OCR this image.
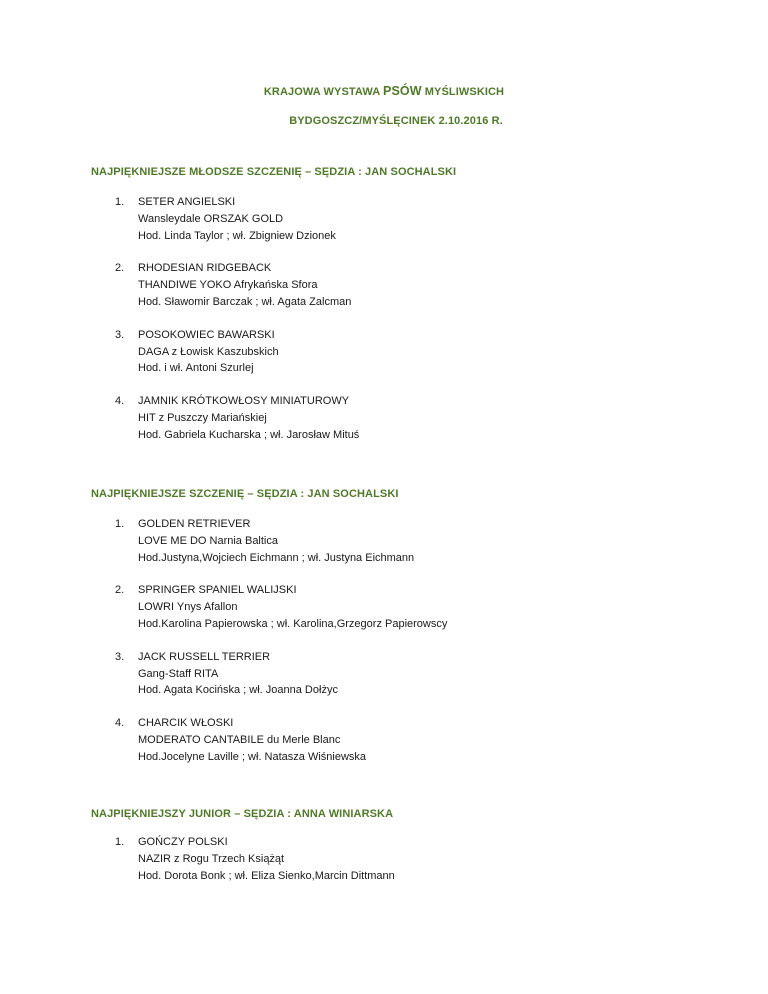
KRAJOWA WYSTAWA PSÓW MYŚLIWSKICH
BYDGOSZCZ/MYŚLĘCINEK 2.10.2016 R.
NAJPIĘKNIEJSZE MŁODSZE SZCZENIĘ – SĘDZIA : JAN SOCHALSKI
1. SETER ANGIELSKI
Wansleydale ORSZAK GOLD
Hod. Linda Taylor ; wł. Zbigniew Dzionek
2. RHODESIAN RIDGEBACK
THANDIWE YOKO Afrykańska Sfora
Hod. Sławomir Barczak ; wł. Agata Zalcman
3. POSOKOWIEC BAWARSKI
DAGA z Łowisk Kaszubskich
Hod. i wł. Antoni Szurlej
4. JAMNIK KRÓTKOWŁOSY MINIATUROWY
HIT z Puszczy Mariańskiej
Hod. Gabriela Kucharska ; wł. Jarosław Mituś
NAJPIĘKNIEJSZE SZCZENIĘ – SĘDZIA : JAN SOCHALSKI
1. GOLDEN RETRIEVER
LOVE ME DO Narnia Baltica
Hod.Justyna,Wojciech Eichmann ; wł. Justyna Eichmann
2. SPRINGER SPANIEL WALIJSKI
LOWRI Ynys Afallon
Hod.Karolina Papierowska ; wł. Karolina,Grzegorz Papierowscy
3. JACK RUSSELL TERRIER
Gang-Staff RITA
Hod. Agata Kocińska ; wł. Joanna Dołżyc
4. CHARCIK WŁOSKI
MODERATO CANTABILE du Merle Blanc
Hod.Jocelyne Laville ; wł. Natasza Wiśniewska
NAJPIĘKNIEJSZY JUNIOR – SĘDZIA : ANNA WINIARSKA
1. GOŃCZY POLSKI
NAZIR z Rogu Trzech Książąt
Hod. Dorota Bonk ; wł. Eliza Sienko,Marcin Dittmann
